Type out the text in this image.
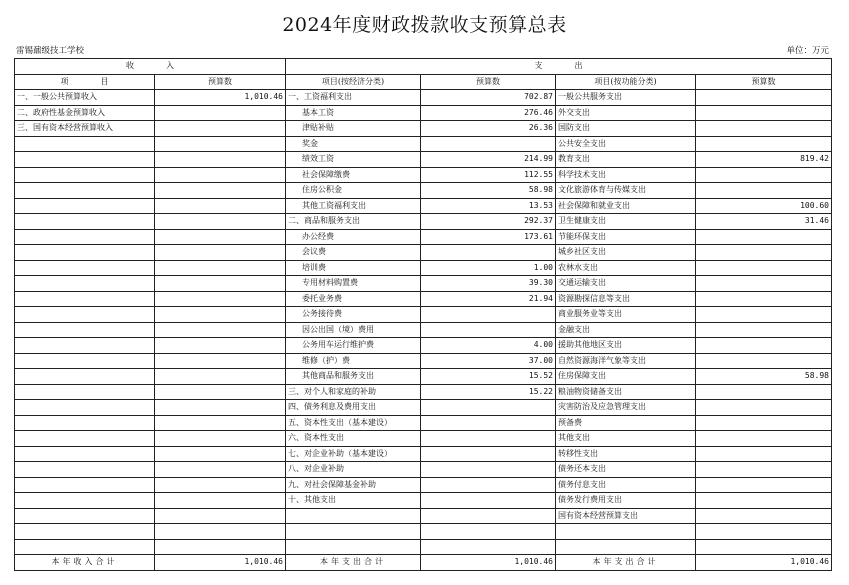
2024年度财政拨款收支预算总表
雷锡鼐级技工学校	单位：万元
收　　　　入		支　　　　出			
项　　　　目	预算数	项目(按经济分类)	预算数	项目(按功能分类)	预算数
一、一般公共预算收入	1,010.46	一、工资福利支出	702.87	一般公共服务支出	
二、政府性基金预算收入		基本工资	276.46	外交支出	
三、国有资本经营预算收入		津贴补贴	26.36	国防支出	
		奖金		公共安全支出	
		绩效工资	214.99	教育支出	819.42
		社会保障缴费	112.55	科学技术支出	
		住房公积金	58.98	文化旅游体育与传媒支出	
		其他工资福利支出	13.53	社会保障和就业支出	100.60
		二、商品和服务支出	292.37	卫生健康支出	31.46
		办公经费	173.61	节能环保支出	
		会议费		城乡社区支出	
		培训费	1.00	农林水支出	
		专用材料购置费	39.30	交通运输支出	
		委托业务费	21.94	资源勘探信息等支出	
		公务接待费		商业服务业等支出	
		因公出国（境）费用		金融支出	
		公务用车运行维护费	4.00	援助其他地区支出	
		维修（护）费	37.00	自然资源海洋气象等支出	
		其他商品和服务支出	15.52	住房保障支出	58.98
		三、对个人和家庭的补助	15.22	粮油物资储备支出	
		四、债务利息及费用支出		灾害防治及应急管理支出	
		五、资本性支出（基本建设）		预备费	
		六、资本性支出		其他支出	
		七、对企业补助（基本建设）		转移性支出	
		八、对企业补助		债务还本支出	
		九、对社会保障基金补助		债务付息支出	
		十、其他支出		债务发行费用支出	
				国有资本经营预算支出	

本年收入合计	1,010.46	本年支出合计	1,010.46	本年支出合计	1,010.46
